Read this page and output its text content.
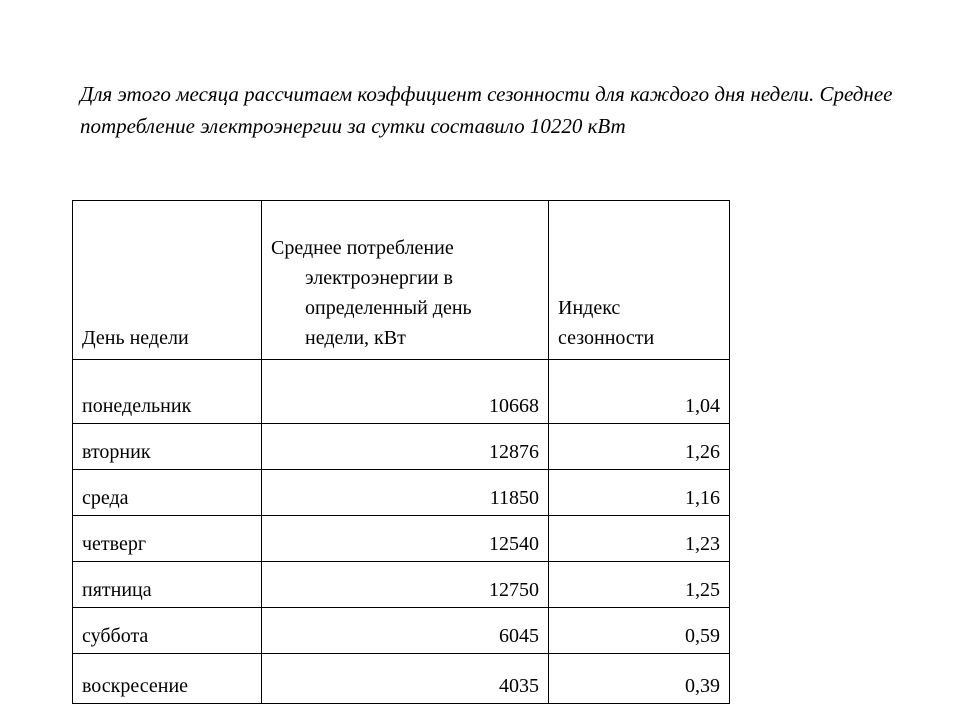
Для этого месяца рассчитаем коэффициент сезонности для каждого дня недели. Среднее потребление электроэнергии за сутки составило 10220 кВт

День недели	Среднее потребление электроэнергии в определенный день недели, кВт	Индекс сезонности
понедельник	10668	1,04
вторник	12876	1,26
среда	11850	1,16
четверг	12540	1,23
пятница	12750	1,25
суббота	6045	0,59
воскресение	4035	0,39
